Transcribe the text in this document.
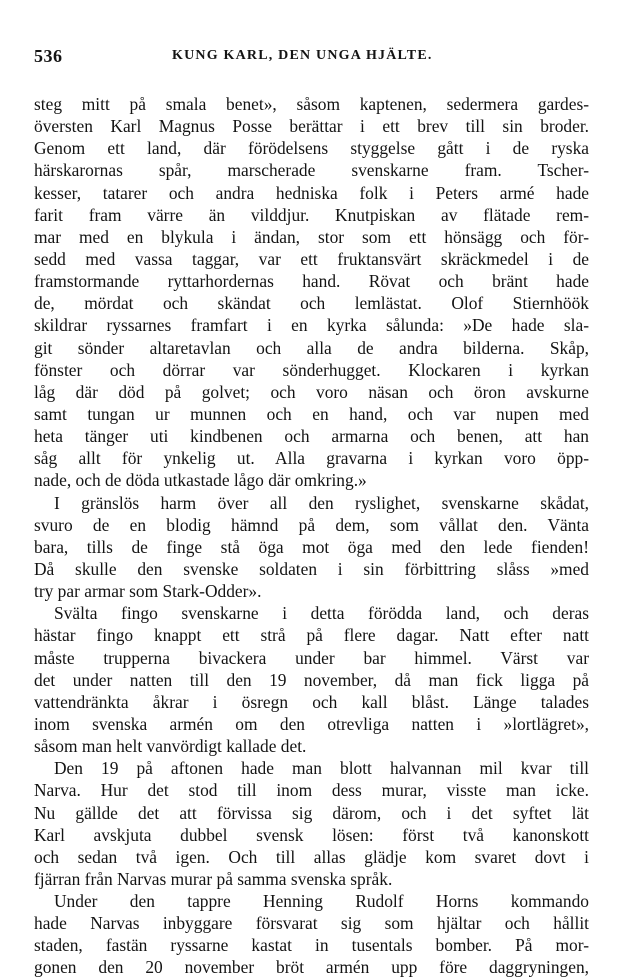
536	KUNG KARL, DEN UNGA HJÄLTE.
steg mitt på smala benet», såsom kaptenen, sedermera gardes-
översten Karl Magnus Posse berättar i ett brev till sin broder.
Genom ett land, där förödelsens styggelse gått i de ryska
härskarornas spår, marscherade svenskarne fram. Tscher-
kesser, tatarer och andra hedniska folk i Peters armé hade
farit fram värre än vilddjur. Knutpiskan av flätade rem-
mar med en blykula i ändan, stor som ett hönsägg och för-
sedd med vassa taggar, var ett fruktansvärt skräckmedel i de
framstormande ryttarhordernas hand. Rövat och bränt hade
de, mördat och skändat och lemlästat. Olof Stiernhöök
skildrar ryssarnes framfart i en kyrka sålunda: »De hade sla-
git sönder altaretavlan och alla de andra bilderna. Skåp,
fönster och dörrar var sönderhugget. Klockaren i kyrkan
låg där död på golvet; och voro näsan och öron avskurne
samt tungan ur munnen och en hand, och var nupen med
heta tänger uti kindbenen och armarna och benen, att han
såg allt för ynkelig ut. Alla gravarna i kyrkan voro öpp-
nade, och de döda utkastade lågo där omkring.»
I gränslös harm över all den ryslighet, svenskarne skådat,
svuro de en blodig hämnd på dem, som vållat den. Vänta
bara, tills de finge stå öga mot öga med den lede fienden!
Då skulle den svenske soldaten i sin förbittring slåss »med
try par armar som Stark-Odder».
Svälta fingo svenskarne i detta förödda land, och deras
hästar fingo knappt ett strå på flere dagar. Natt efter natt
måste trupperna bivackera under bar himmel. Värst var
det under natten till den 19 november, då man fick ligga på
vattendränkta åkrar i ösregn och kall blåst. Länge talades
inom svenska armén om den otrevliga natten i »lortlägret»,
såsom man helt vanvördigt kallade det.
Den 19 på aftonen hade man blott halvannan mil kvar till
Narva. Hur det stod till inom dess murar, visste man icke.
Nu gällde det att förvissa sig därom, och i det syftet lät
Karl avskjuta dubbel svensk lösen: först två kanonskott
och sedan två igen. Och till allas glädje kom svaret dovt i
fjärran från Narvas murar på samma svenska språk.
Under den tappre Henning Rudolf Horns kommando
hade Narvas inbyggare försvarat sig som hjältar och hållit
staden, fastän ryssarne kastat in tusentals bomber. På mor-
gonen den 20 november bröt armén upp före daggryningen,
